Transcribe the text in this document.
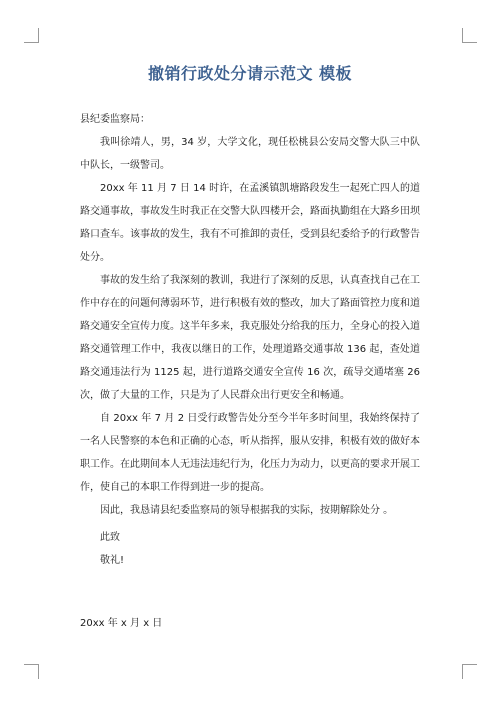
撤销行政处分请示范文 模板

县纪委监察局：

我叫徐靖人，男，34 岁，大学文化，现任松桃县公安局交警大队三中队中队长，一级警司。

20xx 年 11 月 7 日 14 时许，在孟溪镇凯塘路段发生一起死亡四人的道路交通事故，事故发生时我正在交警大队四楼开会，路面执勤组在大路乡田坝路口查车。该事故的发生，我有不可推卸的责任，受到县纪委给予的行政警告处分。

事故的发生给了我深刻的教训，我进行了深刻的反思，认真查找自己在工作中存在的问题何薄弱环节，进行积极有效的整改，加大了路面管控力度和道路交通安全宣传力度。这半年多来，我克服处分给我的压力，全身心的投入道路交通管理工作中，我夜以继日的工作，处理道路交通事故 136 起，查处道路交通违法行为 1125 起，进行道路交通安全宣传 16 次，疏导交通堵塞 26 次，做了大量的工作，只是为了人民群众出行更安全和畅通。

自 20xx 年 7 月 2 日受行政警告处分至今半年多时间里，我始终保持了一名人民警察的本色和正确的心态，听从指挥，服从安排，积极有效的做好本职工作。在此期间本人无违法违纪行为，化压力为动力，以更高的要求开展工作，使自己的本职工作得到进一步的提高。

因此，我恳请县纪委监察局的领导根据我的实际，按期解除处分 。

此致

敬礼!

20xx 年 x 月 x 日
